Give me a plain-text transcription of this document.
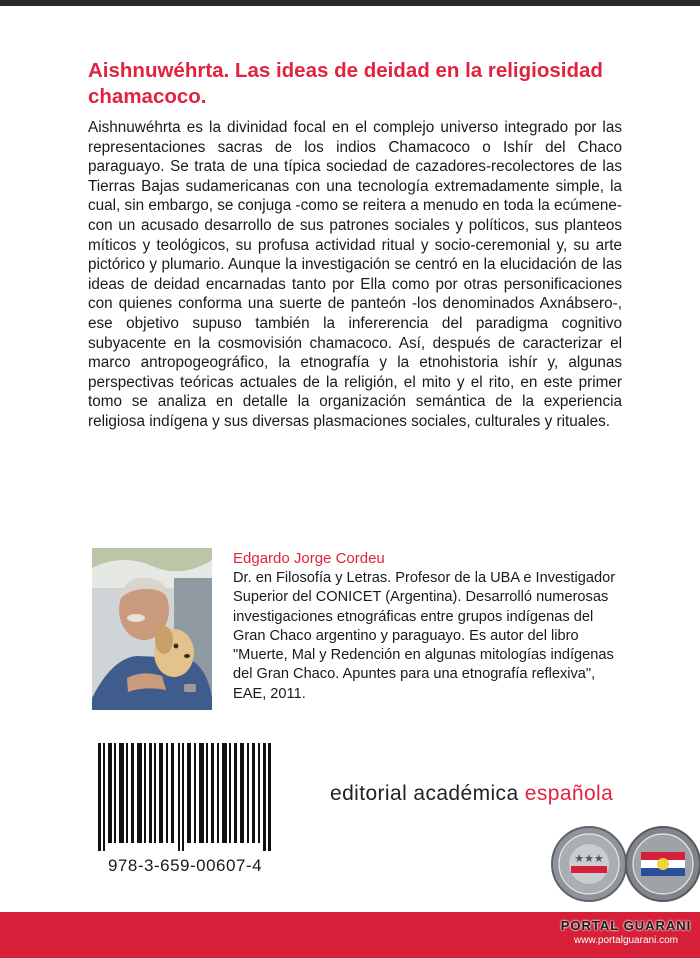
Aishnuwéhrta. Las ideas de deidad en la religiosidad chamacoco.

Aishnuwéhrta es la divinidad focal en el complejo universo integrado por las representaciones sacras de los indios Chamacoco o Ishír del Chaco paraguayo. Se trata de una típica sociedad de cazadores-recolectores de las Tierras Bajas sudamericanas con una tecnología extremadamente simple, la cual, sin embargo, se conjuga -como se reitera a menudo en toda la ecúmene- con un acusado desarrollo de sus patrones sociales y políticos, sus planteos míticos y teológicos, su profusa actividad ritual y socio-ceremonial y, su arte pictórico y plumario. Aunque la investigación se centró en la elucidación de las ideas de deidad encarnadas tanto por Ella como por otras personificaciones con quienes conforma una suerte de panteón -los denominados Axnábsero-, ese objetivo supuso también la infererencia del paradigma cognitivo subyacente en la cosmovisión chamacoco. Así, después de caracterizar el marco antropogeográfico, la etnografía y la etnohistoria ishír y, algunas perspectivas teóricas actuales de la religión, el mito y el rito, en este primer tomo se analiza en detalle la organización semántica de la experiencia religiosa indígena y sus diversas plasmaciones sociales, culturales y rituales.

Edgardo Jorge Cordeu

Dr. en Filosofía y Letras. Profesor de la UBA e Investigador Superior del CONICET (Argentina). Desarrolló numerosas investigaciones etnográficas entre grupos indígenas del Gran Chaco argentino y paraguayo. Es autor del libro "Muerte, Mal y Redención en algunas mitologías indígenas del Gran Chaco. Apuntes para una etnografía reflexiva", EAE, 2011.

978-3-659-00607-4
editorial académica española
★★★
PORTAL GUARANI
www.portalguarani.com
